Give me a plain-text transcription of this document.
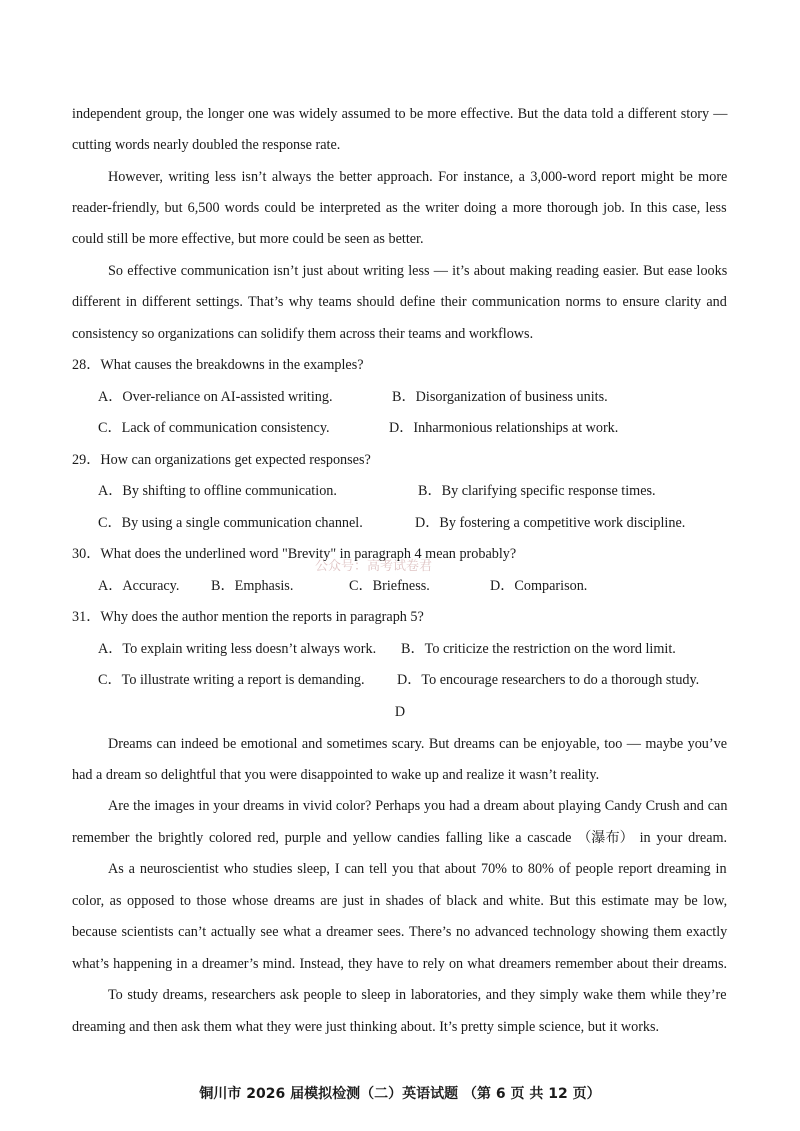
independent group, the longer one was widely assumed to be more effective. But the data told a different story —
cutting words nearly doubled the response rate.
However, writing less isn’t always the better approach. For instance, a 3,000-word report might be more
reader-friendly, but 6,500 words could be interpreted as the writer doing a more thorough job. In this case, less
could still be more effective, but more could be seen as better.
So effective communication isn’t just about writing less — it’s about making reading easier. But ease looks
different in different settings. That’s why teams should define their communication norms to ensure clarity and
consistency so organizations can solidify them across their teams and workflows.
28．What causes the breakdowns in the examples?
A．Over-reliance on AI-assisted writing.	B．Disorganization of business units.
C．Lack of communication consistency.	D．Inharmonious relationships at work.
29．How can organizations get expected responses?
A．By shifting to offline communication.	B．By clarifying specific response times.
C．By using a single communication channel.	D．By fostering a competitive work discipline.
30．What does the underlined word "Brevity" in paragraph 4 mean probably?
公众号：高考试卷君
A．Accuracy. B．Emphasis.	C．Briefness.	D．Comparison.
31．Why does the author mention the reports in paragraph 5?
A．To explain writing less doesn’t always work. B．To criticize the restriction on the word limit.
C．To illustrate writing a report is demanding. D．To encourage researchers to do a thorough study.
D
Dreams can indeed be emotional and sometimes scary. But dreams can be enjoyable, too — maybe you’ve
had a dream so delightful that you were disappointed to wake up and realize it wasn’t reality.
Are the images in your dreams in vivid color? Perhaps you had a dream about playing Candy Crush and can
remember the brightly colored red, purple and yellow candies falling like a cascade （瀑布） in your dream.
As a neuroscientist who studies sleep, I can tell you that about 70% to 80% of people report dreaming in
color, as opposed to those whose dreams are just in shades of black and white. But this estimate may be low,
because scientists can’t actually see what a dreamer sees. There’s no advanced technology showing them exactly
what’s happening in a dreamer’s mind. Instead, they have to rely on what dreamers remember about their dreams.
To study dreams, researchers ask people to sleep in laboratories, and they simply wake them while they’re
dreaming and then ask them what they were just thinking about. It’s pretty simple science, but it works.
铜川市 2026 届模拟检测（二）英语试题 （第 6 页 共 12 页）
